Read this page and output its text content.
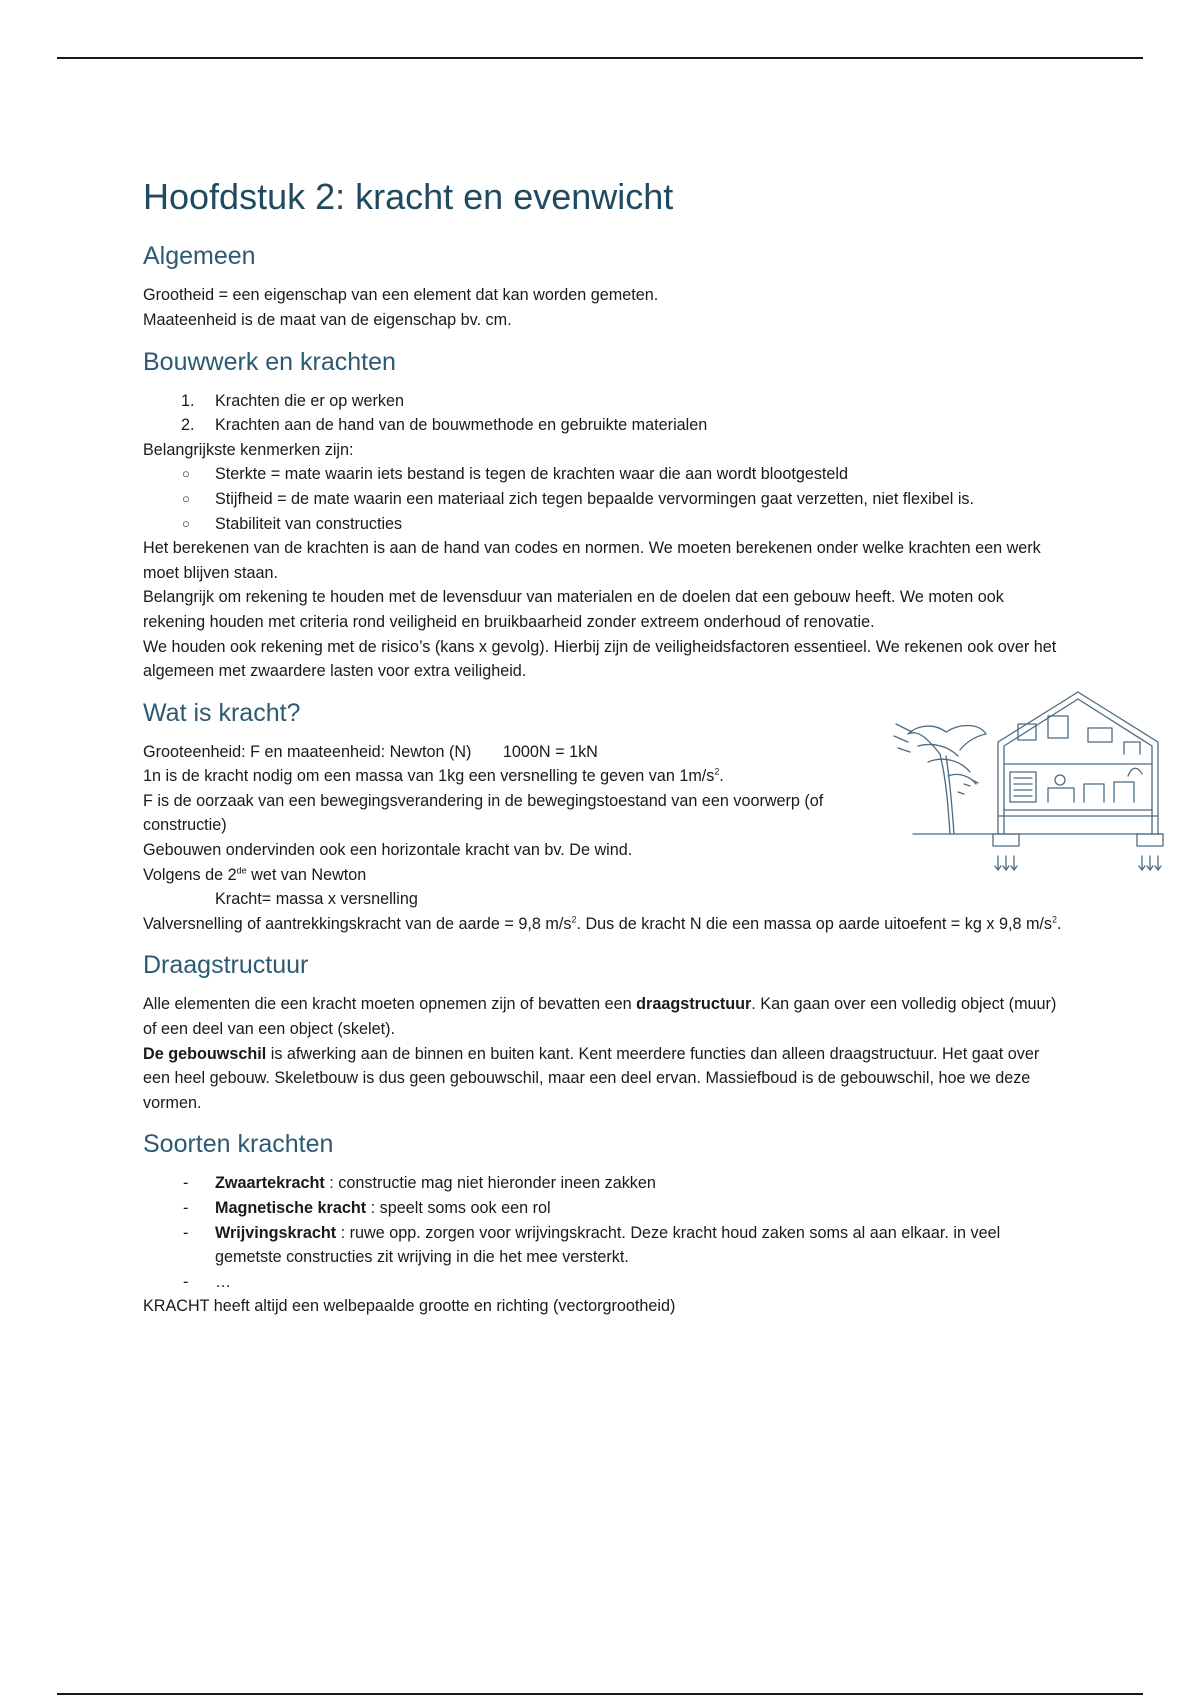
Hoofdstuk 2: kracht en evenwicht
Algemeen

Grootheid = een eigenschap van een element dat kan worden gemeten.

Maateenheid is de maat van de eigenschap bv. cm.

Bouwwerk en krachten
1. Krachten die er op werken
2. Krachten aan de hand van de bouwmethode en gebruikte materialen

Belangrijkste kenmerken zijn:

○ Sterkte = mate waarin iets bestand is tegen de krachten waar die aan wordt blootgesteld
○ Stijfheid = de mate waarin een materiaal zich tegen bepaalde vervormingen gaat verzetten, niet flexibel is.
○ Stabiliteit van constructies

Het berekenen van de krachten is aan de hand van codes en normen. We moeten berekenen onder welke krachten een werk moet blijven staan.

Belangrijk om rekening te houden met de levensduur van materialen en de doelen dat een gebouw heeft. We moten ook rekening houden met criteria rond veiligheid en bruikbaarheid zonder extreem onderhoud of renovatie.

We houden ook rekening met de risico’s (kans x gevolg). Hierbij zijn de veiligheidsfactoren essentieel. We rekenen ook over het algemeen met zwaardere lasten voor extra veiligheid.

Wat is kracht?

Grooteenheid: F en maateenheid: Newton (N)       1000N = 1kN

1n is de kracht nodig om een massa van 1kg een versnelling te geven van $1m/s^2$.

F is de oorzaak van een bewegingsverandering in de bewegingstoestand van een voorwerp (of constructie)

Gebouwen ondervinden ook een horizontale kracht van bv. De wind.

Volgens de 2de wet van Newton

Kracht= massa x versnelling

Valversnelling of aantrekkingskracht van de aarde = 9,8 $m/s^2$. Dus de kracht N die een massa op aarde uitoefent = kg x 9,8 $m/s^2$.

Draagstructuur

Alle elementen die een kracht moeten opnemen zijn of bevatten een draagstructuur. Kan gaan over een volledig object (muur) of een deel van een object (skelet).

De gebouwschil is afwerking aan de binnen en buiten kant. Kent meerdere functies dan alleen draagstructuur. Het gaat over een heel gebouw. Skeletbouw is dus geen gebouwschil, maar een deel ervan. Massiefboud is de gebouwschil, hoe we deze vormen.

Soorten krachten
- Zwaartekracht : constructie mag niet hieronder ineen zakken
- Magnetische kracht : speelt soms ook een rol
- Wrijvingskracht : ruwe opp. zorgen voor wrijvingskracht. Deze kracht houd zaken soms al aan elkaar. in veel gemetste constructies zit wrijving in die het mee versterkt.
- …

KRACHT heeft altijd een welbepaalde grootte en richting (vectorgrootheid)
